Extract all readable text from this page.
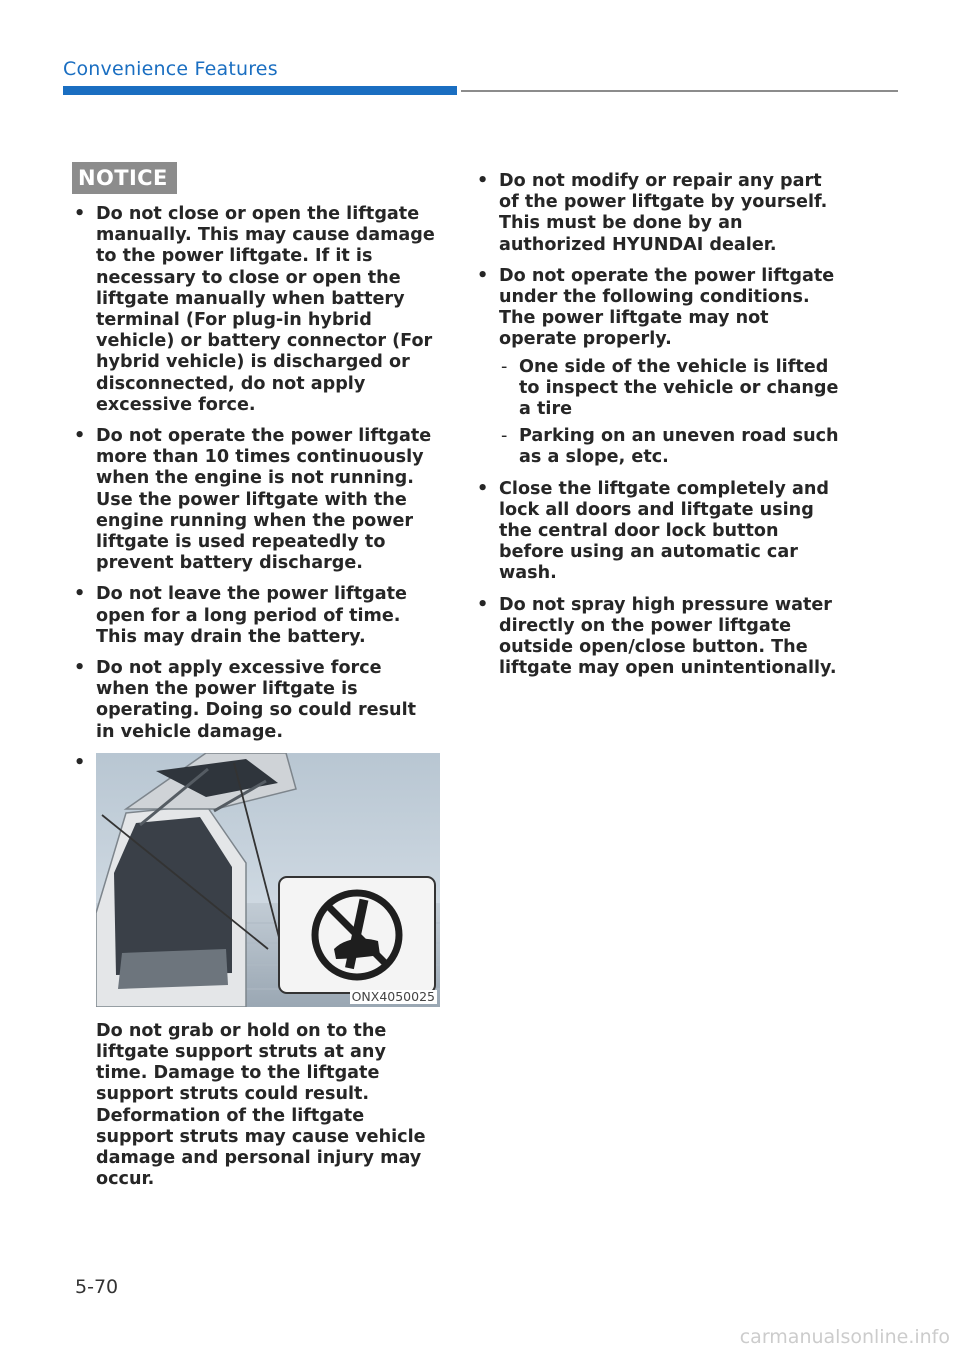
Convenience Features
NOTICE
• Do not close or open the liftgate manually. This may cause damage to the power liftgate. If it is necessary to close or open the liftgate manually when battery terminal (For plug-in hybrid vehicle) or battery connector (For hybrid vehicle) is discharged or disconnected, do not apply excessive force.
• Do not operate the power liftgate more than 10 times continuously when the engine is not running. Use the power liftgate with the engine running when the power liftgate is used repeatedly to prevent battery discharge.
• Do not leave the power liftgate open for a long period of time. This may drain the battery.
• Do not apply excessive force when the power liftgate is operating. Doing so could result in vehicle damage.
•
ONX4050025
Do not grab or hold on to the liftgate support struts at any time. Damage to the liftgate support struts could result. Deformation of the liftgate support struts may cause vehicle damage and personal injury may occur.
• Do not modify or repair any part of the power liftgate by yourself. This must be done by an authorized HYUNDAI dealer.
• Do not operate the power liftgate under the following conditions. The power liftgate may not operate properly.
- One side of the vehicle is lifted to inspect the vehicle or change a tire
- Parking on an uneven road such as a slope, etc.
• Close the liftgate completely and lock all doors and liftgate using the central door lock button before using an automatic car wash.
• Do not spray high pressure water directly on the power liftgate outside open/close button. The liftgate may open unintentionally.
5-70
carmanualsonline.info
